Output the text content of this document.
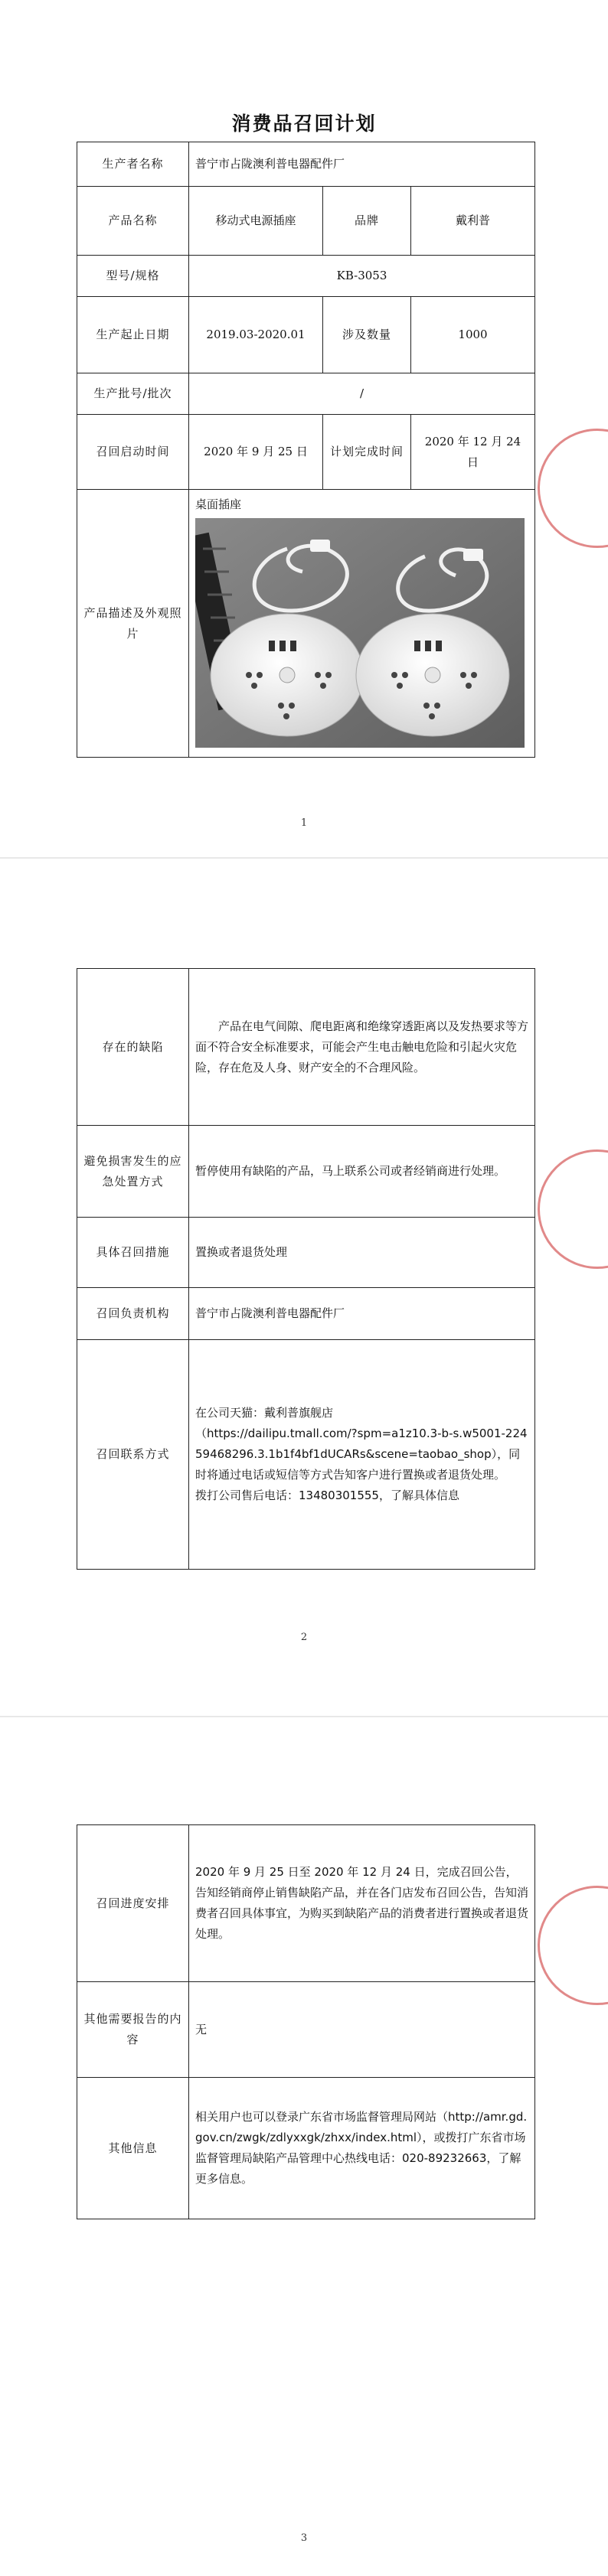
消费品召回计划
生产者名称	普宁市占陇澳利普电器配件厂		
产品名称	移动式电源插座	品牌	戴利普
型号/规格	KB-3053		
生产起止日期	2019.03-2020.01	涉及数量	1000
生产批号/批次	/		
召回启动时间	2020 年 9 月 25 日	计划完成时间	2020 年 12 月 24 日
产品描述及外观照片	桌面插座		
1
存在的缺陷	产品在电气间隙、爬电距离和绝缘穿透距离以及发热要求等方面不符合安全标准要求，可能会产生电击触电危险和引起火灾危险，存在危及人身、财产安全的不合理风险。
避免损害发生的应急处置方式	暂停使用有缺陷的产品，马上联系公司或者经销商进行处理。
具体召回措施	置换或者退货处理
召回负责机构	普宁市占陇澳利普电器配件厂
召回联系方式	在公司天猫：戴利普旗舰店
（https://dailipu.tmall.com/?spm=a1z10.3-b-s.w5001-22459468296.3.1b1f4bf1dUCARs&scene=taobao_shop），同时将通过电话或短信等方式告知客户进行置换或者退货处理。
拨打公司售后电话：13480301555，了解具体信息
2
召回进度安排	2020 年 9 月 25 日至 2020 年 12 月 24 日，完成召回公告，告知经销商停止销售缺陷产品，并在各门店发布召回公告，告知消费者召回具体事宜，为购买到缺陷产品的消费者进行置换或者退货处理。
其他需要报告的内容	无
其他信息	相关用户也可以登录广东省市场监督管理局网站（http://amr.gd.gov.cn/zwgk/zdlyxxgk/zhxx/index.html），或拨打广东省市场监督管理局缺陷产品管理中心热线电话：020-89232663，了解更多信息。
3
